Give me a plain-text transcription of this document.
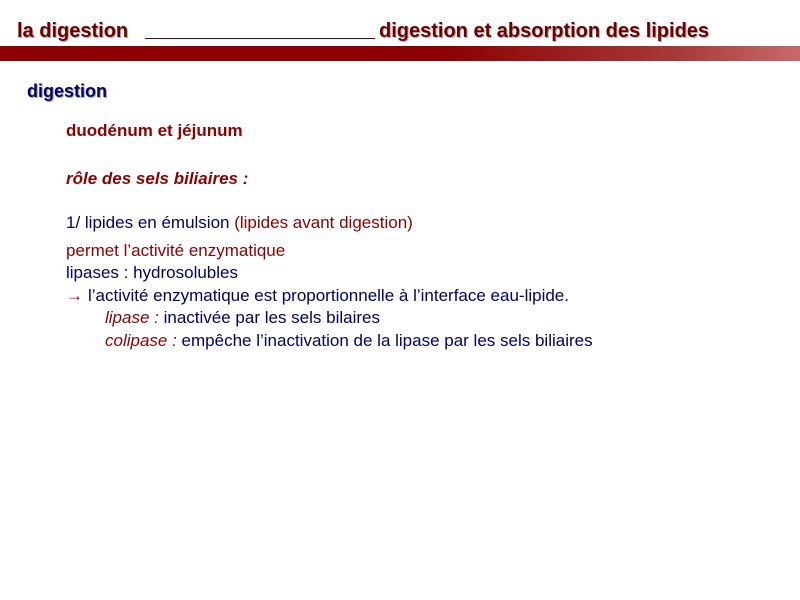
la digestion	digestion et absorption des lipides
digestion
duodénum et jéjunum
rôle des sels biliaires :
1/ lipides en émulsion (lipides avant digestion)
permet l’activité enzymatique
lipases : hydrosolubles
→ l’activité enzymatique est proportionnelle à l’interface eau-lipide.
lipase : inactivée par les sels bilaires
colipase : empêche l’inactivation de la lipase par les sels biliaires
